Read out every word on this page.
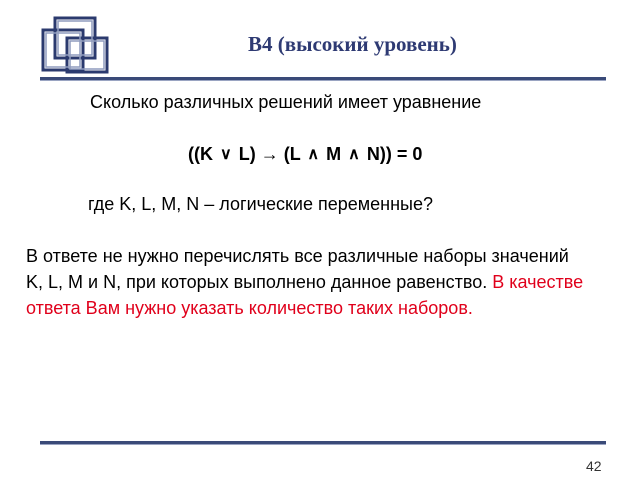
В4 (высокий уровень)
Сколько различных решений имеет уравнение
((K ∨ L) → (L ∧ M ∧ N)) = 0
где K, L, M, N – логические переменные?
В ответе не нужно перечислять все различные наборы значений K, L, M и N, при которых выполнено данное равенство. В качестве ответа Вам нужно указать количество таких наборов.
42
